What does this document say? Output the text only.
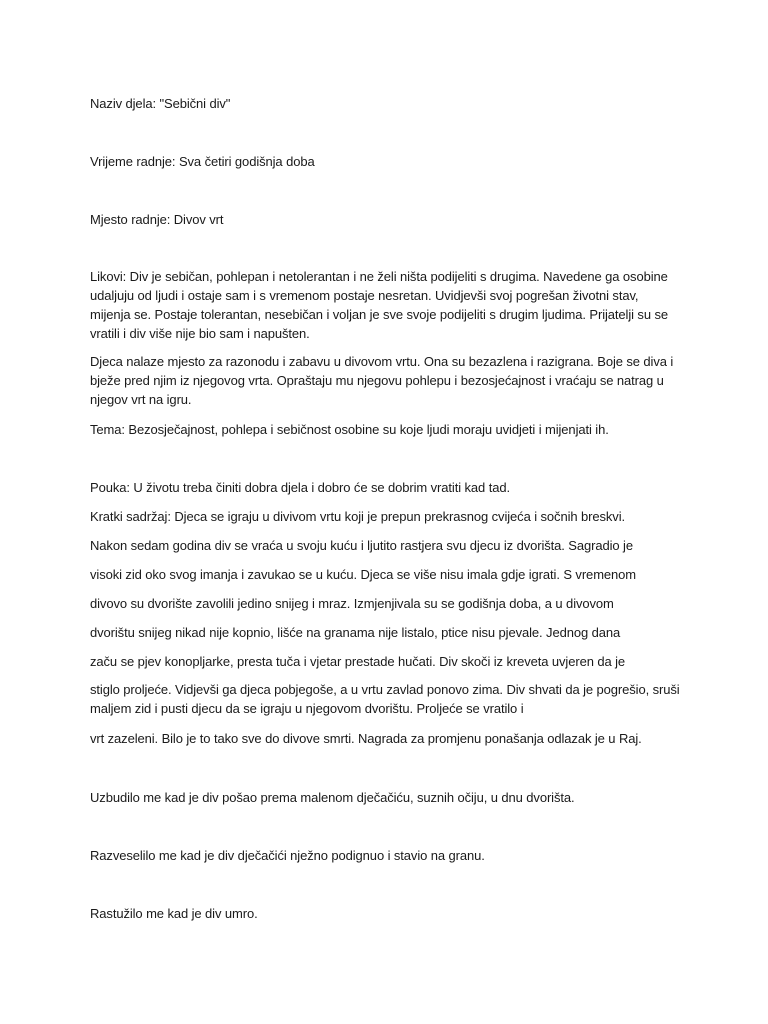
Naziv djela: "Sebični div"
Vrijeme radnje: Sva četiri godišnja doba
Mjesto radnje: Divov vrt
Likovi: Div je sebičan, pohlepan i netolerantan i ne želi ništa podijeliti s drugima. Navedene ga osobine
udaljuju od ljudi i ostaje sam i s vremenom postaje nesretan. Uvidjevši svoj pogrešan životni stav,
mijenja se. Postaje tolerantan, nesebičan i voljan je sve svoje podijeliti s drugim ljudima. Prijatelji su se
vratili i div više nije bio sam i napušten.
Djeca nalaze mjesto za razonodu i zabavu u divovom vrtu. Ona su bezazlena i razigrana. Boje se diva i
bježe pred njim iz njegovog vrta. Opraštaju mu njegovu pohlepu i bezosjećajnost i vraćaju se natrag u
njegov vrt na igru.
Tema: Bezosječajnost, pohlepa i sebičnost osobine su koje ljudi moraju uvidjeti i mijenjati ih.
Pouka: U životu treba činiti dobra djela i dobro će se dobrim vratiti kad tad.
Kratki sadržaj: Djeca se igraju u divivom vrtu koji je prepun prekrasnog cvijeća i sočnih breskvi.
Nakon sedam godina div se vraća u svoju kuću i ljutito rastjera svu djecu iz dvorišta. Sagradio je
visoki zid oko svog imanja i zavukao se u kuću. Djeca se više nisu imala gdje igrati. S vremenom
divovo su dvorište zavolili jedino snijeg i mraz. Izmjenjivala su se godišnja doba, a u divovom
dvorištu snijeg nikad nije kopnio, lišće na granama nije listalo, ptice nisu pjevale. Jednog dana
začu se pjev konopljarke, presta tuča i vjetar prestade hučati. Div skoči iz kreveta uvjeren da je
stiglo proljeće. Vidjevši ga djeca pobjegoše, a u vrtu zavlad ponovo zima. Div shvati da je pogrešio, sruši
maljem zid i pusti djecu da se igraju u njegovom dvorištu. Proljeće se vratilo i
vrt zazeleni. Bilo je to tako sve do divove smrti. Nagrada za promjenu ponašanja odlazak je u Raj.
Uzbudilo me kad je div pošao prema malenom dječačiću, suznih očiju, u dnu dvorišta.
Razveselilo me kad je div dječačići nježno podignuo i stavio na granu.
Rastužilo me kad je div umro.
